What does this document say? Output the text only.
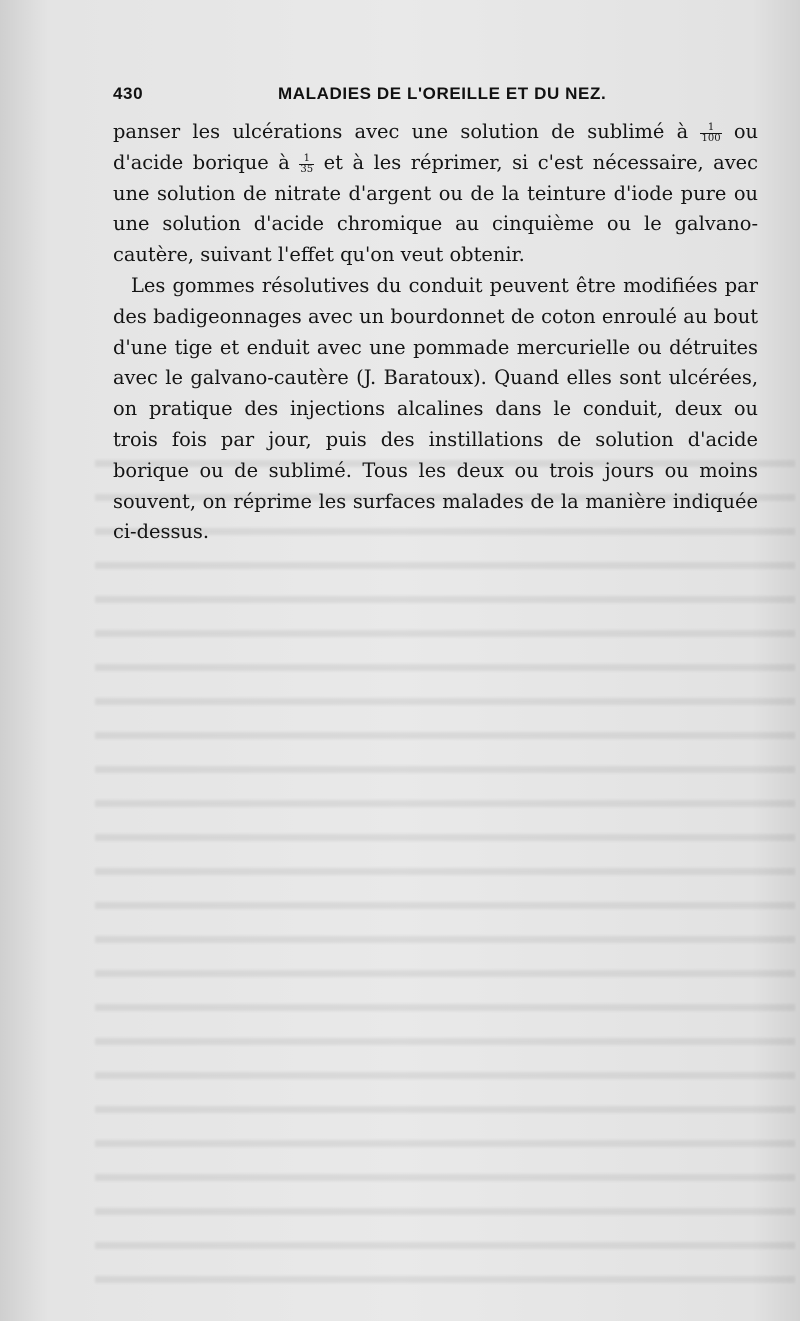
430	MALADIES DE L'OREILLE ET DU NEZ.

panser les ulcérations avec une solution de sublimé à $\frac{1}{100}$ ou d'acide borique à $\frac{1}{35}$ et à les réprimer, si c'est nécessaire, avec une solution de nitrate d'argent ou de la teinture d'iode pure ou une solution d'acide chromique au cinquième ou le galvano-cautère, suivant l'effet qu'on veut obtenir.

Les gommes résolutives du conduit peuvent être modifiées par des badigeonnages avec un bourdonnet de coton enroulé au bout d'une tige et enduit avec une pommade mercurielle ou détruites avec le galvano-cautère (J. Baratoux). Quand elles sont ulcérées, on pratique des injections alcalines dans le conduit, deux ou trois fois par jour, puis des instillations de solution d'acide borique ou de sublimé. Tous les deux ou trois jours ou moins souvent, on réprime les surfaces malades de la manière indiquée ci-dessus.
